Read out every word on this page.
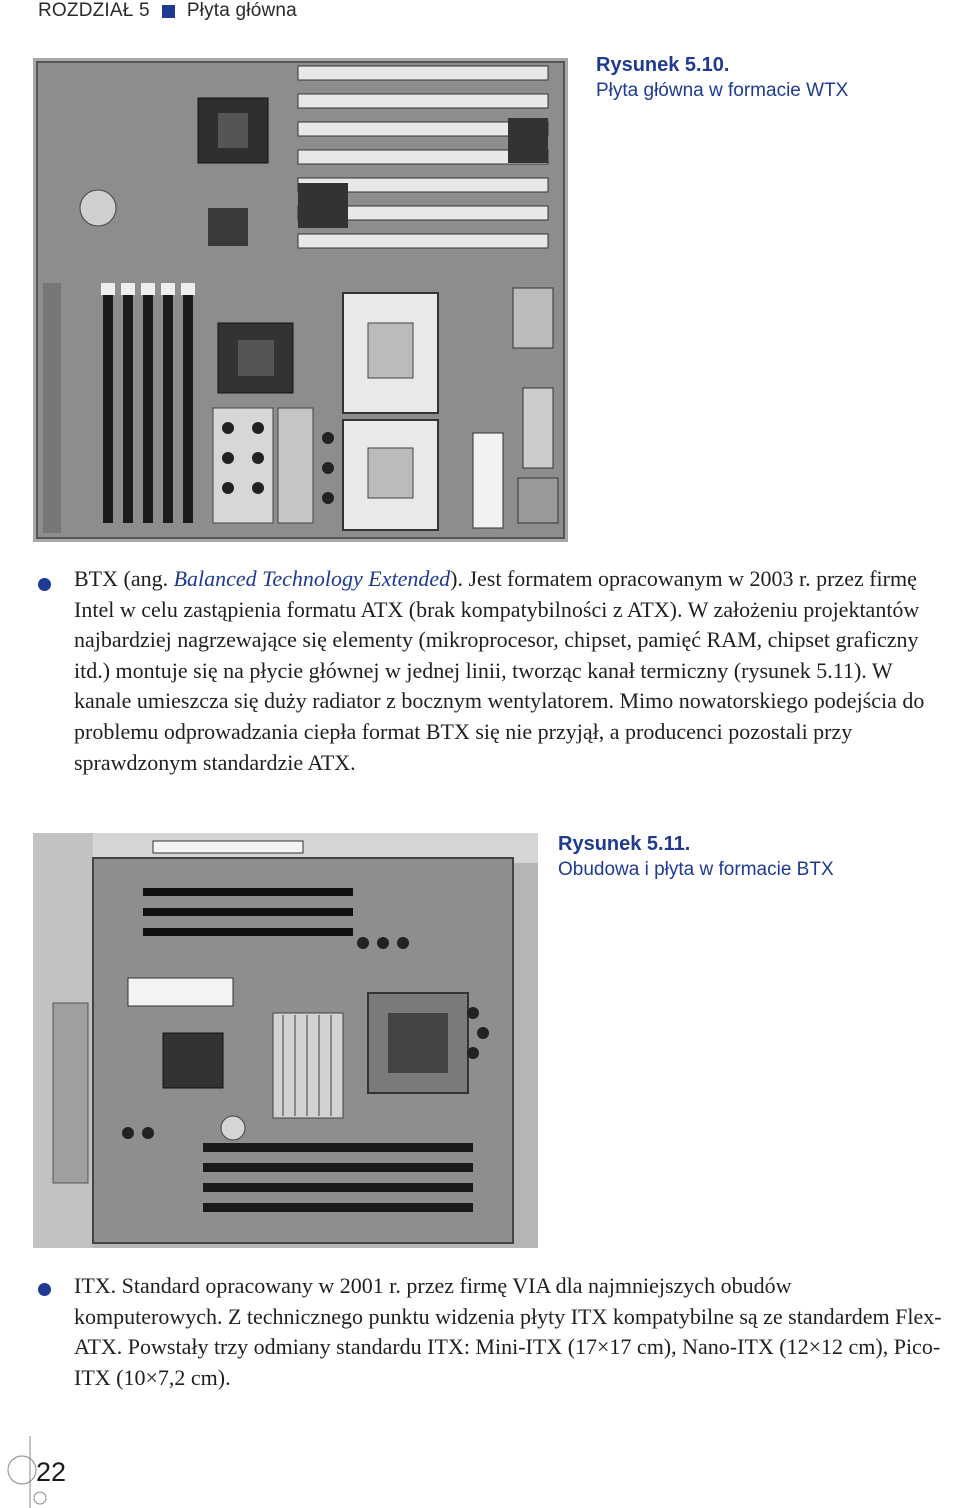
ROZDZIAŁ 5 Płyta główna
Rysunek 5.10.
Płyta główna w formacie WTX

BTX (ang. Balanced Technology Extended). Jest formatem opracowanym w 2003 r. przez firmę Intel w celu zastąpienia formatu ATX (brak kompatybilności z ATX). W założeniu projektantów najbardziej nagrzewające się elementy (mikroprocesor, chipset, pamięć RAM, chipset graficzny itd.) montuje się na płycie głównej w jednej linii, tworząc kanał termiczny (rysunek 5.11). W kanale umieszcza się duży radiator z bocznym wentylatorem. Mimo nowatorskiego podejścia do problemu odprowadzania ciepła format BTX się nie przyjął, a producenci pozostali przy sprawdzonym standardzie ATX.

Rysunek 5.11.
Obudowa i płyta w formacie BTX

ITX. Standard opracowany w 2001 r. przez firmę VIA dla najmniejszych obudów komputerowych. Z technicznego punktu widzenia płyty ITX kompatybilne są ze standardem Flex-ATX. Powstały trzy odmiany standardu ITX: Mini-ITX (17×17 cm), Nano-ITX (12×12 cm), Pico-ITX (10×7,2 cm).

22
